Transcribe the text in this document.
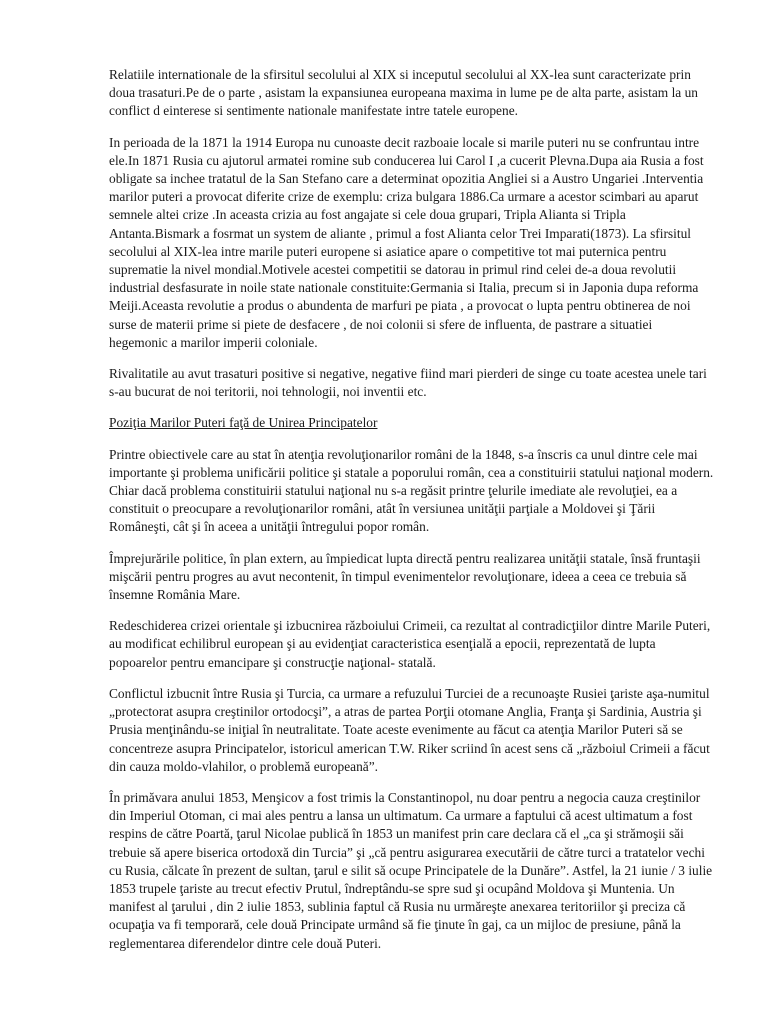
Relatiile internationale de la sfirsitul secolului al XIX si inceputul secolului al XX-lea sunt caracterizate prin doua trasaturi.Pe de o parte , asistam la expansiunea europeana maxima in lume pe de alta parte, asistam la un conflict d einterese si sentimente nationale manifestate intre tatele europene.

In perioada de la 1871 la 1914 Europa nu cunoaste decit razboaie locale si marile puteri nu se confruntau intre ele.In 1871 Rusia cu ajutorul armatei romine sub conducerea lui Carol I ,a cucerit Plevna.Dupa aia Rusia a fost obligate sa inchee tratatul de la San Stefano care a determinat opozitia Angliei si a Austro Ungariei .Interventia marilor puteri a provocat diferite crize de exemplu: criza bulgara 1886.Ca urmare a acestor scimbari au aparut semnele altei crize .In aceasta crizia au fost angajate si cele doua grupari, Tripla Alianta si Tripla Antanta.Bismark a fosrmat un system de aliante , primul a fost Alianta celor Trei Imparati(1873). La sfirsitul secolului al XIX-lea intre marile puteri europene si asiatice apare o competitive tot mai puternica pentru suprematie la nivel mondial.Motivele acestei competitii se datorau in primul rind celei de-a doua revolutii industrial desfasurate in noile state nationale constituite:Germania si Italia, precum si in Japonia dupa reforma Meiji.Aceasta revolutie a produs o abundenta de marfuri pe piata , a provocat o lupta pentru obtinerea de noi surse de materii prime si piete de desfacere , de noi colonii si sfere de influenta, de pastrare a situatiei hegemonic a marilor imperii coloniale.

Rivalitatile au avut trasaturi positive si negative, negative fiind mari pierderi de singe cu toate acestea unele tari s-au bucurat de noi teritorii, noi tehnologii, noi inventii etc.

Poziţia Marilor Puteri faţă de Unirea Principatelor

Printre obiectivele care au stat în atenţia revoluţionarilor români de la 1848, s-a înscris ca unul dintre cele mai importante şi problema unificării politice şi statale a poporului român, cea a constituirii statului naţional modern. Chiar dacă problema constituirii statului naţional nu s-a regăsit printre ţelurile imediate ale revoluţiei, ea a constituit o preocupare a revoluţionarilor români, atât în versiunea unităţii parţiale a Moldovei şi Ţării Româneşti, cât şi în aceea a unităţii întregului popor român.

Împrejurările politice, în plan extern, au împiedicat lupta directă pentru realizarea unităţii statale, însă fruntaşii mişcării pentru progres au avut necontenit, în timpul evenimentelor revoluţionare, ideea a ceea ce trebuia să însemne România Mare.

Redeschiderea crizei orientale şi izbucnirea războiului Crimeii, ca rezultat al contradicţiilor dintre Marile Puteri, au modificat echilibrul european şi au evidenţiat caracteristica esenţială a epocii, reprezentată de lupta popoarelor pentru emancipare şi construcţie naţional- statală.

Conflictul izbucnit între Rusia şi Turcia, ca urmare a refuzului Turciei de a recunoaşte Rusiei ţariste aşa-numitul „protectorat asupra creştinilor ortodocşi”, a atras de partea Porţii otomane Anglia, Franţa şi Sardinia, Austria şi Prusia menţinându-se iniţial în neutralitate. Toate aceste evenimente au făcut ca atenţia Marilor Puteri să se concentreze asupra Principatelor, istoricul american T.W. Riker scriind în acest sens că „războiul Crimeii a făcut din cauza moldo-vlahilor, o problemă europeană”.

În primăvara anului 1853, Menşicov a fost trimis la Constantinopol, nu doar pentru a negocia cauza creştinilor din Imperiul Otoman, ci mai ales pentru a lansa un ultimatum. Ca urmare a faptului că acest ultimatum a fost respins de către Poartă, ţarul Nicolae publică în 1853 un manifest prin care declara că el „ca şi strămoşii săi trebuie să apere biserica ortodoxă din Turcia” şi „că pentru asigurarea executării de către turci a tratatelor vechi cu Rusia, călcate în prezent de sultan, ţarul e silit să ocupe Principatele de la Dunăre”. Astfel, la 21 iunie / 3 iulie 1853 trupele ţariste au trecut efectiv Prutul, îndreptându-se spre sud şi ocupând Moldova şi Muntenia. Un manifest al ţarului , din 2 iulie 1853, sublinia faptul că Rusia nu urmăreşte anexarea teritoriilor şi preciza că ocupaţia va fi temporară, cele două Principate urmând să fie ţinute în gaj, ca un mijloc de presiune, până la reglementarea diferendelor dintre cele două Puteri.
